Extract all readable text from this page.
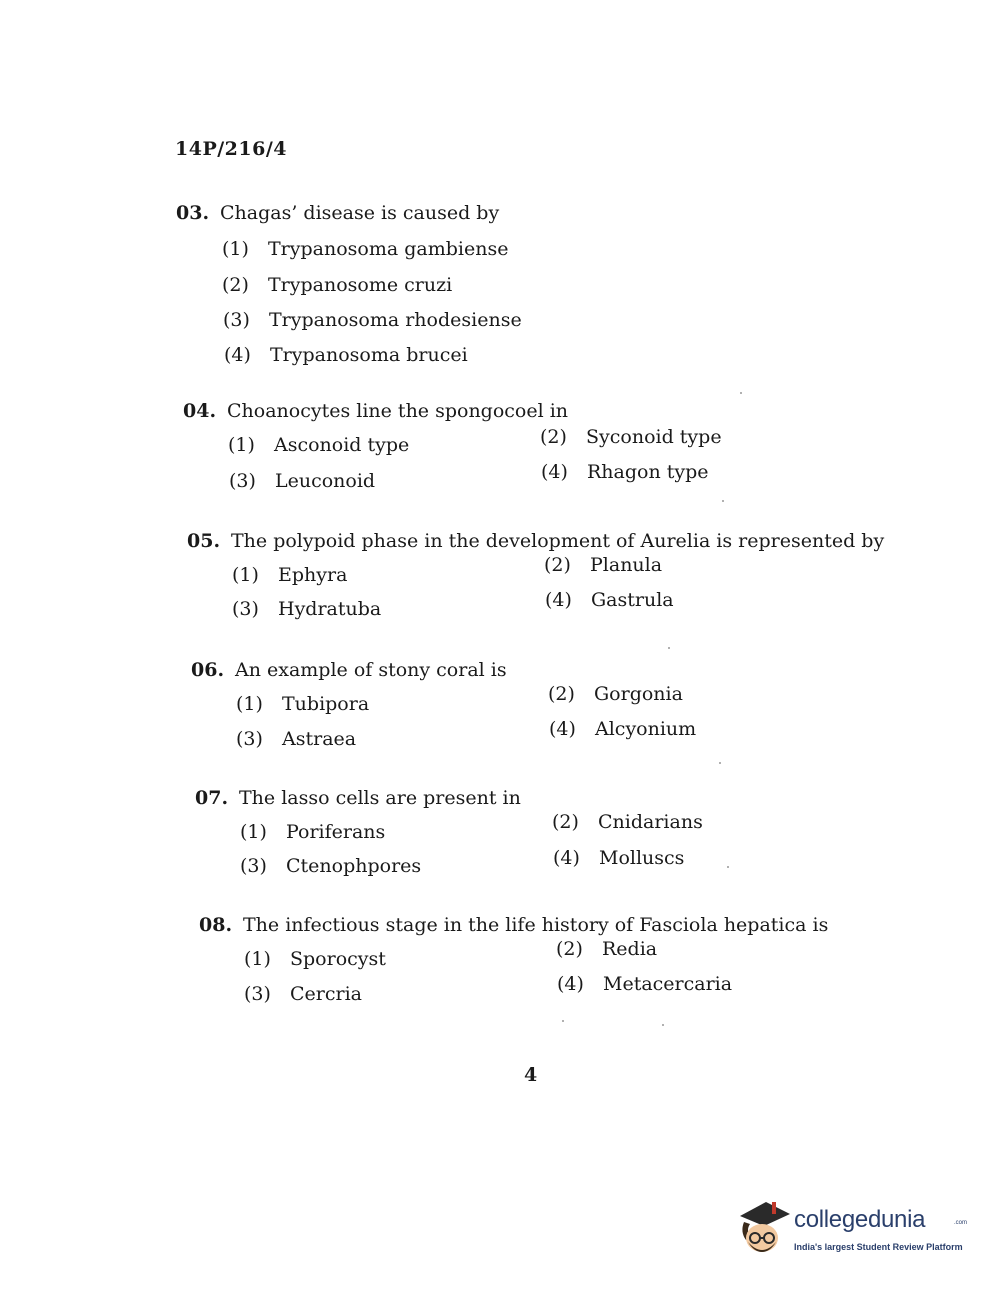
14P/216/4
03. Chagas’ disease is caused by
(1) Trypanosoma gambiense
(2) Trypanosome cruzi
(3) Trypanosoma rhodesiense
(4) Trypanosoma brucei
04. Choanocytes line the spongocoel in
(1) Asconoid type	(2) Syconoid type
(3) Leuconoid	(4) Rhagon type
05. The polypoid phase in the development of Aurelia is represented by
(1) Ephyra	(2) Planula
(3) Hydratuba	(4) Gastrula
06. An example of stony coral is
(1) Tubipora	(2) Gorgonia
(3) Astraea	(4) Alcyonium
07. The lasso cells are present in
(1) Poriferans	(2) Cnidarians
(3) Ctenophpores	(4) Molluscs
08. The infectious stage in the life history of Fasciola hepatica is
(1) Sporocyst	(2) Redia
(3) Cercria	(4) Metacercaria
4
collegedunia	.com
India's largest Student Review Platform
